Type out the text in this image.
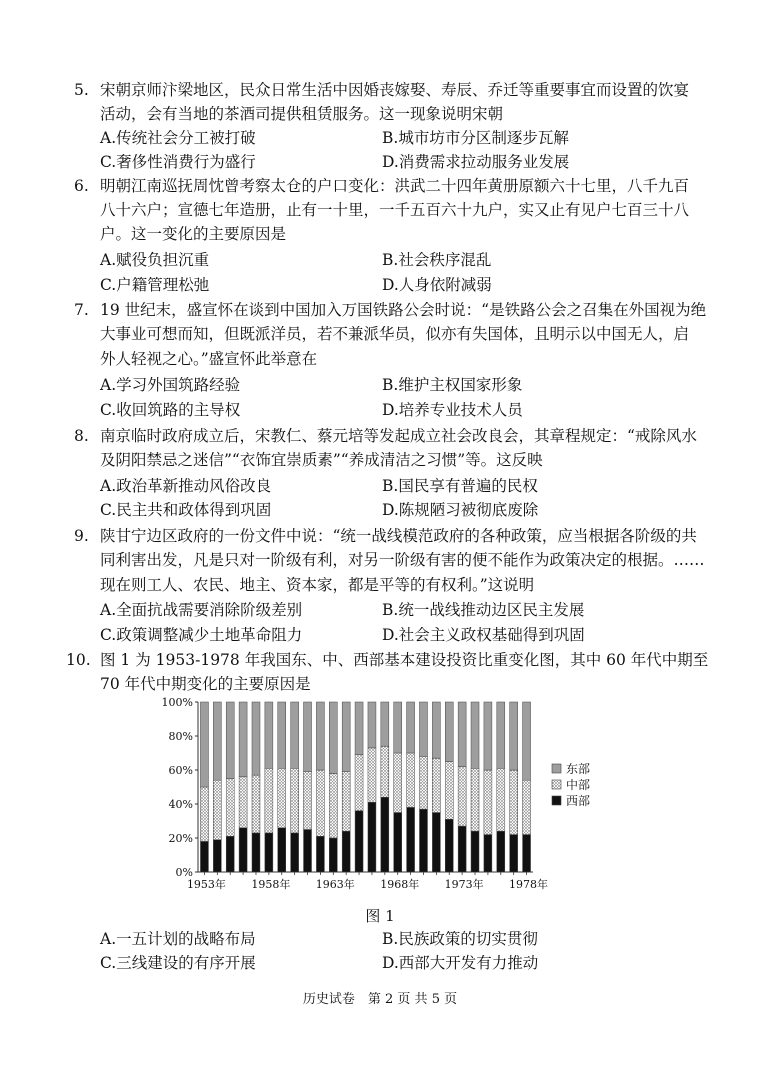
5. 宋朝京师汴梁地区，民众日常生活中因婚丧嫁娶、寿辰、乔迁等重要事宜而设置的饮宴
活动，会有当地的茶酒司提供租赁服务。这一现象说明宋朝
A.传统社会分工被打破	B.城市坊市分区制逐步瓦解
C.奢侈性消费行为盛行	D.消费需求拉动服务业发展
6. 明朝江南巡抚周忱曾考察太仓的户口变化：洪武二十四年黄册原额六十七里，八千九百
八十六户；宣德七年造册，止有一十里，一千五百六十九户，实又止有见户七百三十八
户。这一变化的主要原因是
A.赋役负担沉重	B.社会秩序混乱
C.户籍管理松弛	D.人身依附减弱
7. 19 世纪末，盛宣怀在谈到中国加入万国铁路公会时说：“是铁路公会之召集在外国视为绝
大事业可想而知，但既派洋员，若不兼派华员，似亦有失国体，且明示以中国无人，启
外人轻视之心。”盛宣怀此举意在
A.学习外国筑路经验	B.维护主权国家形象
C.收回筑路的主导权	D.培养专业技术人员
8. 南京临时政府成立后，宋教仁、蔡元培等发起成立社会改良会，其章程规定：“戒除风水
及阴阳禁忌之迷信”“衣饰宜崇质素”“养成清洁之习惯”等。这反映
A.政治革新推动风俗改良	B.国民享有普遍的民权
C.民主共和政体得到巩固	D.陈规陋习被彻底废除
9. 陕甘宁边区政府的一份文件中说：“统一战线模范政府的各种政策，应当根据各阶级的共
同利害出发，凡是只对一阶级有利，对另一阶级有害的便不能作为政策决定的根据。……
现在则工人、农民、地主、资本家，都是平等的有权利。”这说明
A.全面抗战需要消除阶级差别	B.统一战线推动边区民主发展
C.政策调整减少土地革命阻力	D.社会主义政权基础得到巩固
10. 图 1 为 1953-1978 年我国东、中、西部基本建设投资比重变化图，其中 60 年代中期至
70 年代中期变化的主要原因是
0%
20%
40%
60%
80%
100%
1953年 1958年 1963年 1968年 1973年 1978年
东部
中部
西部
图 1
A.一五计划的战略布局	B.民族政策的切实贯彻
C.三线建设的有序开展	D.西部大开发有力推动
历史试卷　第 2 页 共 5 页
